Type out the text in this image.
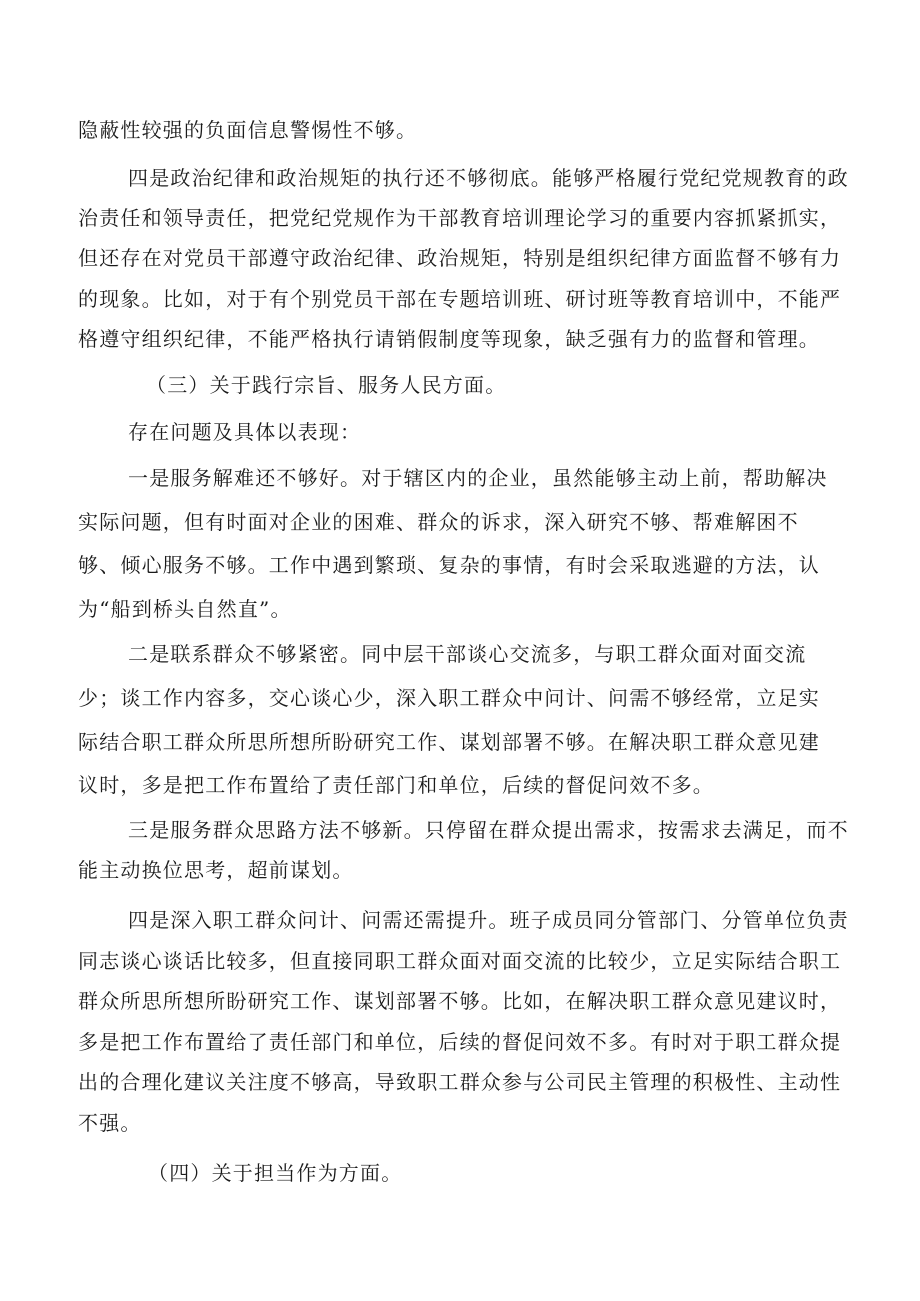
隐蔽性较强的负面信息警惕性不够。
四是政治纪律和政治规矩的执行还不够彻底。能够严格履行党纪党规教育的政
治责任和领导责任，把党纪党规作为干部教育培训理论学习的重要内容抓紧抓实，
但还存在对党员干部遵守政治纪律、政治规矩，特别是组织纪律方面监督不够有力
的现象。比如，对于有个别党员干部在专题培训班、研讨班等教育培训中，不能严
格遵守组织纪律，不能严格执行请销假制度等现象，缺乏强有力的监督和管理。
（三）关于践行宗旨、服务人民方面。
存在问题及具体以表现：
一是服务解难还不够好。对于辖区内的企业，虽然能够主动上前，帮助解决
实际问题，但有时面对企业的困难、群众的诉求，深入研究不够、帮难解困不
够、倾心服务不够。工作中遇到繁琐、复杂的事情，有时会采取逃避的方法，认
为“船到桥头自然直”。
二是联系群众不够紧密。同中层干部谈心交流多，与职工群众面对面交流
少；谈工作内容多，交心谈心少，深入职工群众中问计、问需不够经常，立足实
际结合职工群众所思所想所盼研究工作、谋划部署不够。在解决职工群众意见建
议时，多是把工作布置给了责任部门和单位，后续的督促问效不多。
三是服务群众思路方法不够新。只停留在群众提出需求，按需求去满足，而不
能主动换位思考，超前谋划。
四是深入职工群众问计、问需还需提升。班子成员同分管部门、分管单位负责
同志谈心谈话比较多，但直接同职工群众面对面交流的比较少，立足实际结合职工
群众所思所想所盼研究工作、谋划部署不够。比如，在解决职工群众意见建议时，
多是把工作布置给了责任部门和单位，后续的督促问效不多。有时对于职工群众提
出的合理化建议关注度不够高，导致职工群众参与公司民主管理的积极性、主动性
不强。
（四）关于担当作为方面。
